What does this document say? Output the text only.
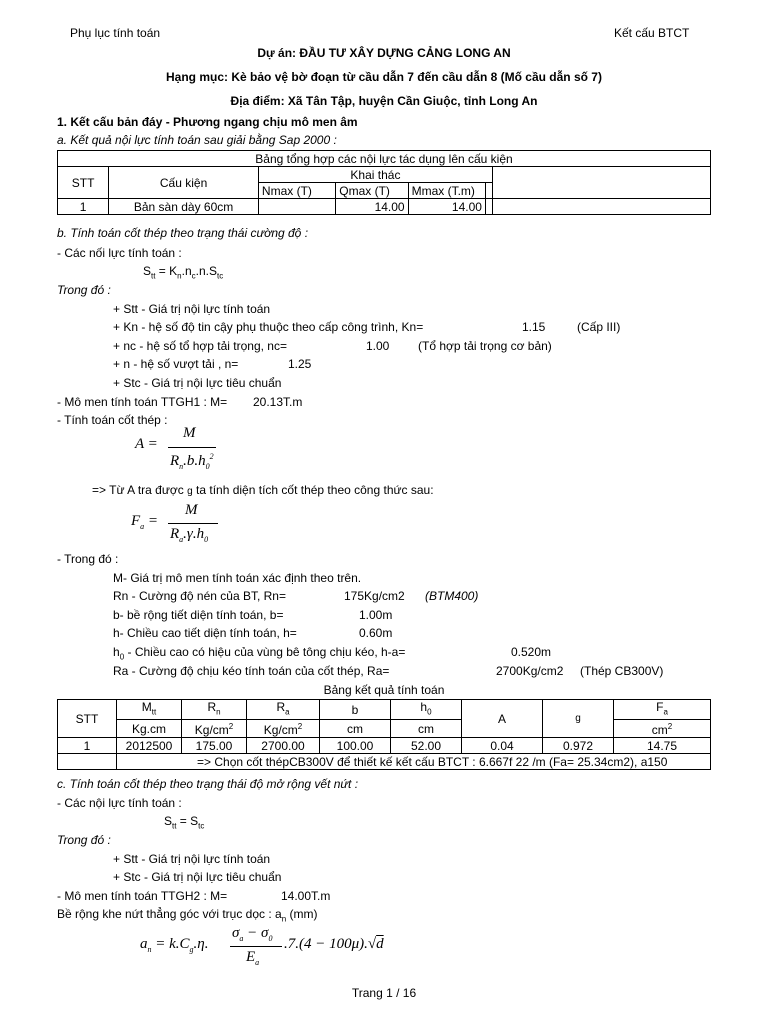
Phụ lục tính toán	Kết cấu BTCT
Dự án: ĐẦU TƯ XÂY DỰNG CẢNG LONG AN
Hạng mục: Kè bảo vệ bờ đoạn từ cầu dẫn 7 đến cầu dẫn 8 (Mố cầu dẫn số 7)
Địa điểm: Xã Tân Tập, huyện Cần Giuộc, tỉnh Long An
1. Kết cấu bản đáy - Phương ngang chịu mô men âm
a. Kết quả nội lực tính toán sau giải bằng Sap 2000 :
Bảng tổng hợp các nội lực tác dụng lên cấu kiện						
STT	Cấu kiện	Khai thác				
		Nmax (T)	Qmax (T)	Mmax (T.m)		
1	Bản sàn dày 60cm		14.00	14.00		
b. Tính toán cốt thép theo trạng thái cường độ :
- Các nối lực tính toán :
$S_{tt} = K_n.n_c.n.S_{tc}$
Trong đó :
+ Stt - Giá trị nội lực tính toán
+ Kn - hệ số độ tin cậy phụ thuộc theo cấp công trình, Kn=	1.15	(Cấp III)
+ nc - hệ số tổ hợp tải trọng, nc=	1.00 (Tổ hợp tải trọng cơ bản)
+ n - hệ số vượt tải , n=	1.25
+ Stc - Giá trị nội lực tiêu chuẩn
- Mô men tính toán TTGH1 : M= 20.13T.m
- Tính toán cốt thép :
A =
M
$R_n.b.h_0^2$
=> Từ A tra được g ta tính diện tích cốt thép theo công thức sau:
$F_a$ =
M
$R_a.\gamma.h_0$
- Trong đó :
M- Giá trị mô men tính toán xác định theo trên.
Rn - Cường độ nén của BT, Rn=	175Kg/cm2 (BTM400)
b- bề rộng tiết diện tính toán, b=	1.00m
h- Chiều cao tiết diện tính toán, h=	0.60m
$h_0$ - Chiều cao có hiệu của vùng bê tông chịu kéo, h-a=	0.520m
Ra - Cường độ chịu kéo tính toán của cốt thép, Ra=	2700Kg/cm2 (Thép CB300V)
Bảng kết quả tính toán
STT	$M_{tt}$	$R_n$	$R_a$	b	$h_0$	A	g	$F_a$
	Kg.cm	$Kg/cm^2$	$Kg/cm^2$	cm	cm			$cm^2$
1	2012500	175.00	2700.00	100.00	52.00	0.04	0.972	14.75
	=> Chọn cốt thépCB300V để thiết kế kết cấu BTCT : 6.667f 22 /m (Fa= 25.34cm2), a150							
c. Tính toán cốt thép theo trạng thái độ mở rộng vết nứt :
- Các nội lực tính toán :
$S_{tt} = S_{tc}$
Trong đó :
+ Stt - Giá trị nội lực tính toán
+ Stc - Giá trị nội lực tiêu chuẩn
- Mô men tính toán TTGH2 : M=	14.00T.m
Bề rộng khe nứt thẳng góc với trục dọc : $a_n$ (mm)
$a_n = k.C_g.\eta$.
$\sigma_a - \sigma_0$
$E_a$
.7.(4 − 100μ).√d
Trang 1 / 16
